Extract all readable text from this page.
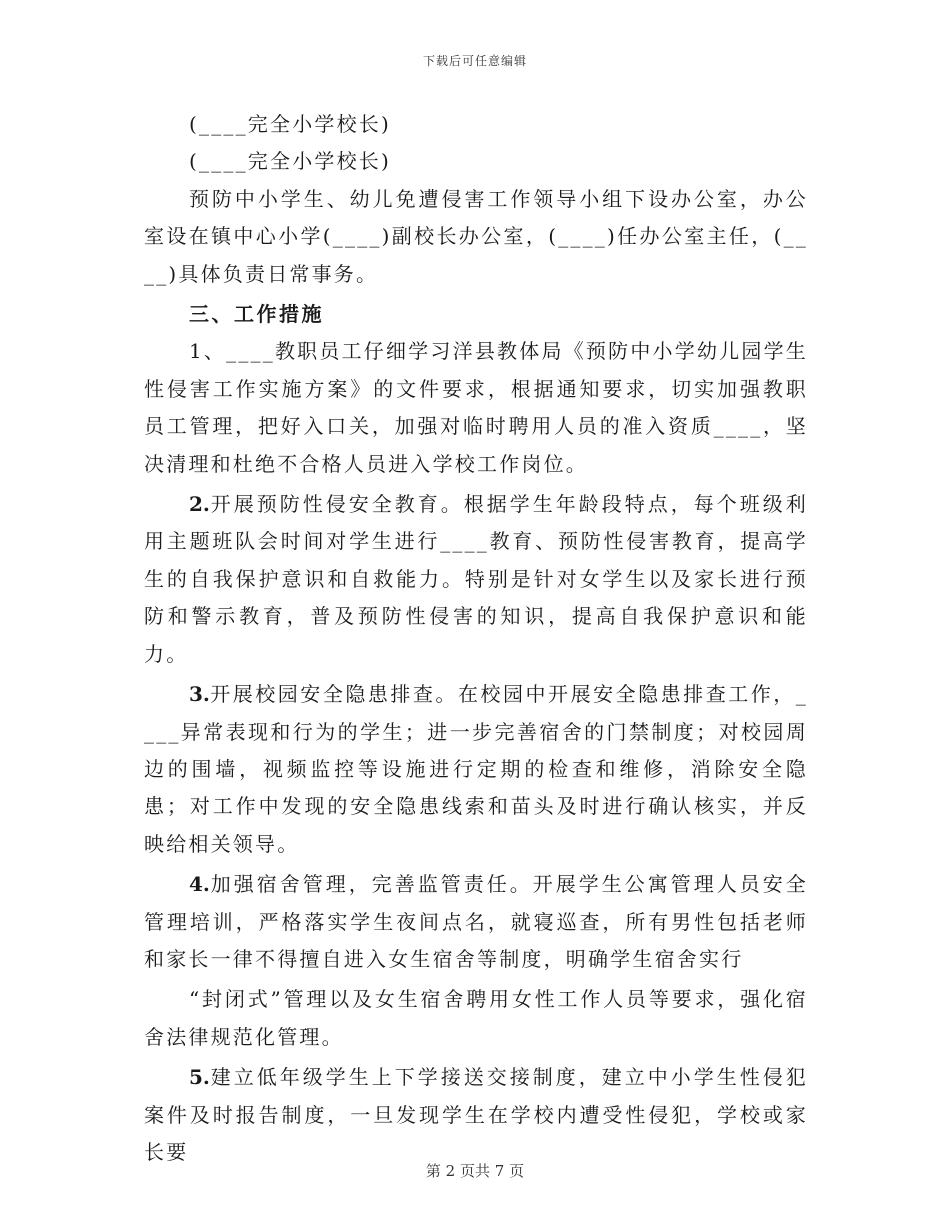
下载后可任意编辑

(____完全小学校长)

(____完全小学校长)

预防中小学生、幼儿免遭侵害工作领导小组下设办公室，办公室设在镇中心小学(____)副校长办公室，(____)任办公室主任，(____)具体负责日常事务。

三、工作措施

1、____教职员工仔细学习洋县教体局《预防中小学幼儿园学生性侵害工作实施方案》的文件要求，根据通知要求，切实加强教职员工管理，把好入口关，加强对临时聘用人员的准入资质____，坚决清理和杜绝不合格人员进入学校工作岗位。

2.开展预防性侵安全教育。根据学生年龄段特点，每个班级利用主题班队会时间对学生进行____教育、预防性侵害教育，提高学生的自我保护意识和自救能力。特别是针对女学生以及家长进行预防和警示教育，普及预防性侵害的知识，提高自我保护意识和能力。

3.开展校园安全隐患排查。在校园中开展安全隐患排查工作，____异常表现和行为的学生；进一步完善宿舍的门禁制度；对校园周边的围墙，视频监控等设施进行定期的检查和维修，消除安全隐患；对工作中发现的安全隐患线索和苗头及时进行确认核实，并反映给相关领导。

4.加强宿舍管理，完善监管责任。开展学生公寓管理人员安全管理培训，严格落实学生夜间点名，就寝巡查，所有男性包括老师和家长一律不得擅自进入女生宿舍等制度，明确学生宿舍实行

“封闭式”管理以及女生宿舍聘用女性工作人员等要求，强化宿舍法律规范化管理。

5.建立低年级学生上下学接送交接制度，建立中小学生性侵犯案件及时报告制度，一旦发现学生在学校内遭受性侵犯，学校或家长要

第 2 页共 7 页
